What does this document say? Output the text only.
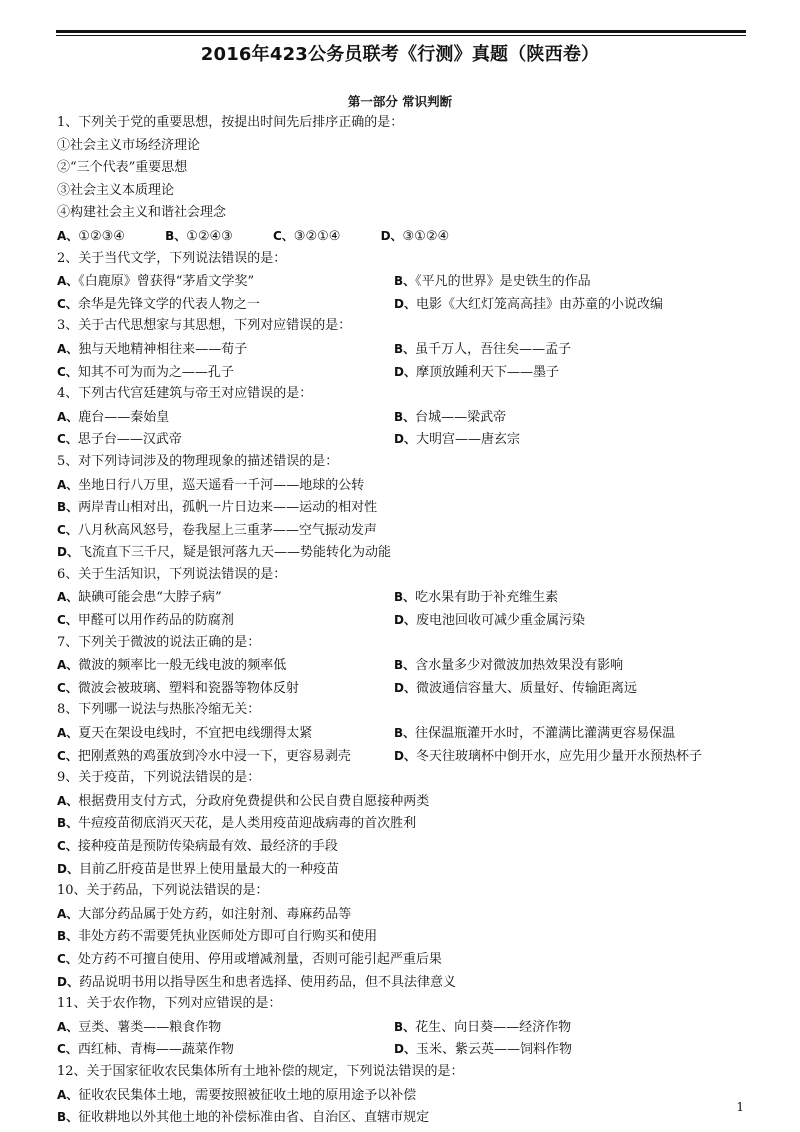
2016年423公务员联考《行测》真题（陕西卷）
第一部分 常识判断
1、下列关于党的重要思想，按提出时间先后排序正确的是：
①社会主义市场经济理论
②“三个代表”重要思想
③社会主义本质理论
④构建社会主义和谐社会理念
A、①②③④	B、①②④③	C、③②①④	D、③①②④
2、关于当代文学，下列说法错误的是：
A、《白鹿原》曾获得“茅盾文学奖”	B、《平凡的世界》是史铁生的作品
C、余华是先锋文学的代表人物之一	D、电影《大红灯笼高高挂》由苏童的小说改编
3、关于古代思想家与其思想，下列对应错误的是：
A、独与天地精神相往来——荀子	B、虽千万人，吾往矣——孟子
C、知其不可为而为之——孔子	D、摩顶放踵利天下——墨子
4、下列古代宫廷建筑与帝王对应错误的是：
A、鹿台——秦始皇	B、台城——梁武帝
C、思子台——汉武帝	D、大明宫——唐玄宗
5、对下列诗词涉及的物理现象的描述错误的是：
A、坐地日行八万里，巡天遥看一千河——地球的公转
B、两岸青山相对出，孤帆一片日边来——运动的相对性
C、八月秋高风怒号，卷我屋上三重茅——空气振动发声
D、飞流直下三千尺，疑是银河落九天——势能转化为动能
6、关于生活知识，下列说法错误的是：
A、缺碘可能会患“大脖子病”	B、吃水果有助于补充维生素
C、甲醛可以用作药品的防腐剂	D、废电池回收可减少重金属污染
7、下列关于微波的说法正确的是：
A、微波的频率比一般无线电波的频率低	B、含水量多少对微波加热效果没有影响
C、微波会被玻璃、塑料和瓷器等物体反射	D、微波通信容量大、质量好、传输距离远
8、下列哪一说法与热胀冷缩无关：
A、夏天在架设电线时，不宜把电线绷得太紧	B、往保温瓶灌开水时，不灌满比灌满更容易保温
C、把刚煮熟的鸡蛋放到冷水中浸一下，更容易剥壳	D、冬天往玻璃杯中倒开水，应先用少量开水预热杯子
9、关于疫苗，下列说法错误的是：
A、根据费用支付方式，分政府免费提供和公民自费自愿接种两类
B、牛痘疫苗彻底消灭天花，是人类用疫苗迎战病毒的首次胜利
C、接种疫苗是预防传染病最有效、最经济的手段
D、目前乙肝疫苗是世界上使用量最大的一种疫苗
10、关于药品，下列说法错误的是：
A、大部分药品属于处方药，如注射剂、毒麻药品等
B、非处方药不需要凭执业医师处方即可自行购买和使用
C、处方药不可擅自使用、停用或增减剂量，否则可能引起严重后果
D、药品说明书用以指导医生和患者选择、使用药品，但不具法律意义
11、关于农作物，下列对应错误的是：
A、豆类、薯类——粮食作物	B、花生、向日葵——经济作物
C、西红柿、青梅——蔬菜作物	D、玉米、紫云英——饲料作物
12、关于国家征收农民集体所有土地补偿的规定，下列说法错误的是：
A、征收农民集体土地，需要按照被征收土地的原用途予以补偿
B、征收耕地以外其他土地的补偿标准由省、自治区、直辖市规定
1
